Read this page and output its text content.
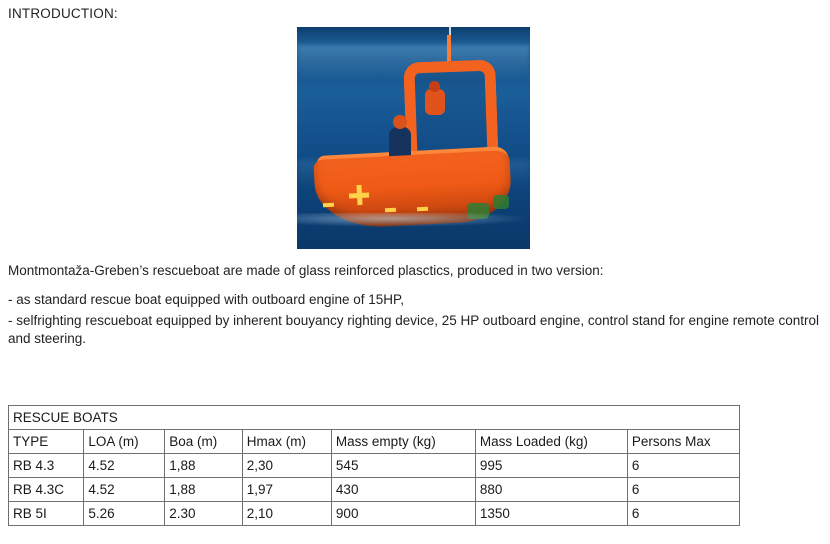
INTRODUCTION:
Montmontaža-Greben’s rescueboat are made of glass reinforced plasctics, produced in two version:
- as standard rescue boat equipped with outboard engine of 15HP,
- selfrighting rescueboat equipped by inherent bouyancy righting device, 25 HP outboard engine, control stand for engine remote control and steering.
RESCUE BOATS						
TYPE	LOA (m)	Boa (m)	Hmax (m)	Mass empty (kg)	Mass Loaded (kg)	Persons Max
RB 4.3	4.52	1,88	2,30	545	995	6
RB 4.3C	4.52	1,88	1,97	430	880	6
RB 5I	5.26	2.30	2,10	900	1350	6
